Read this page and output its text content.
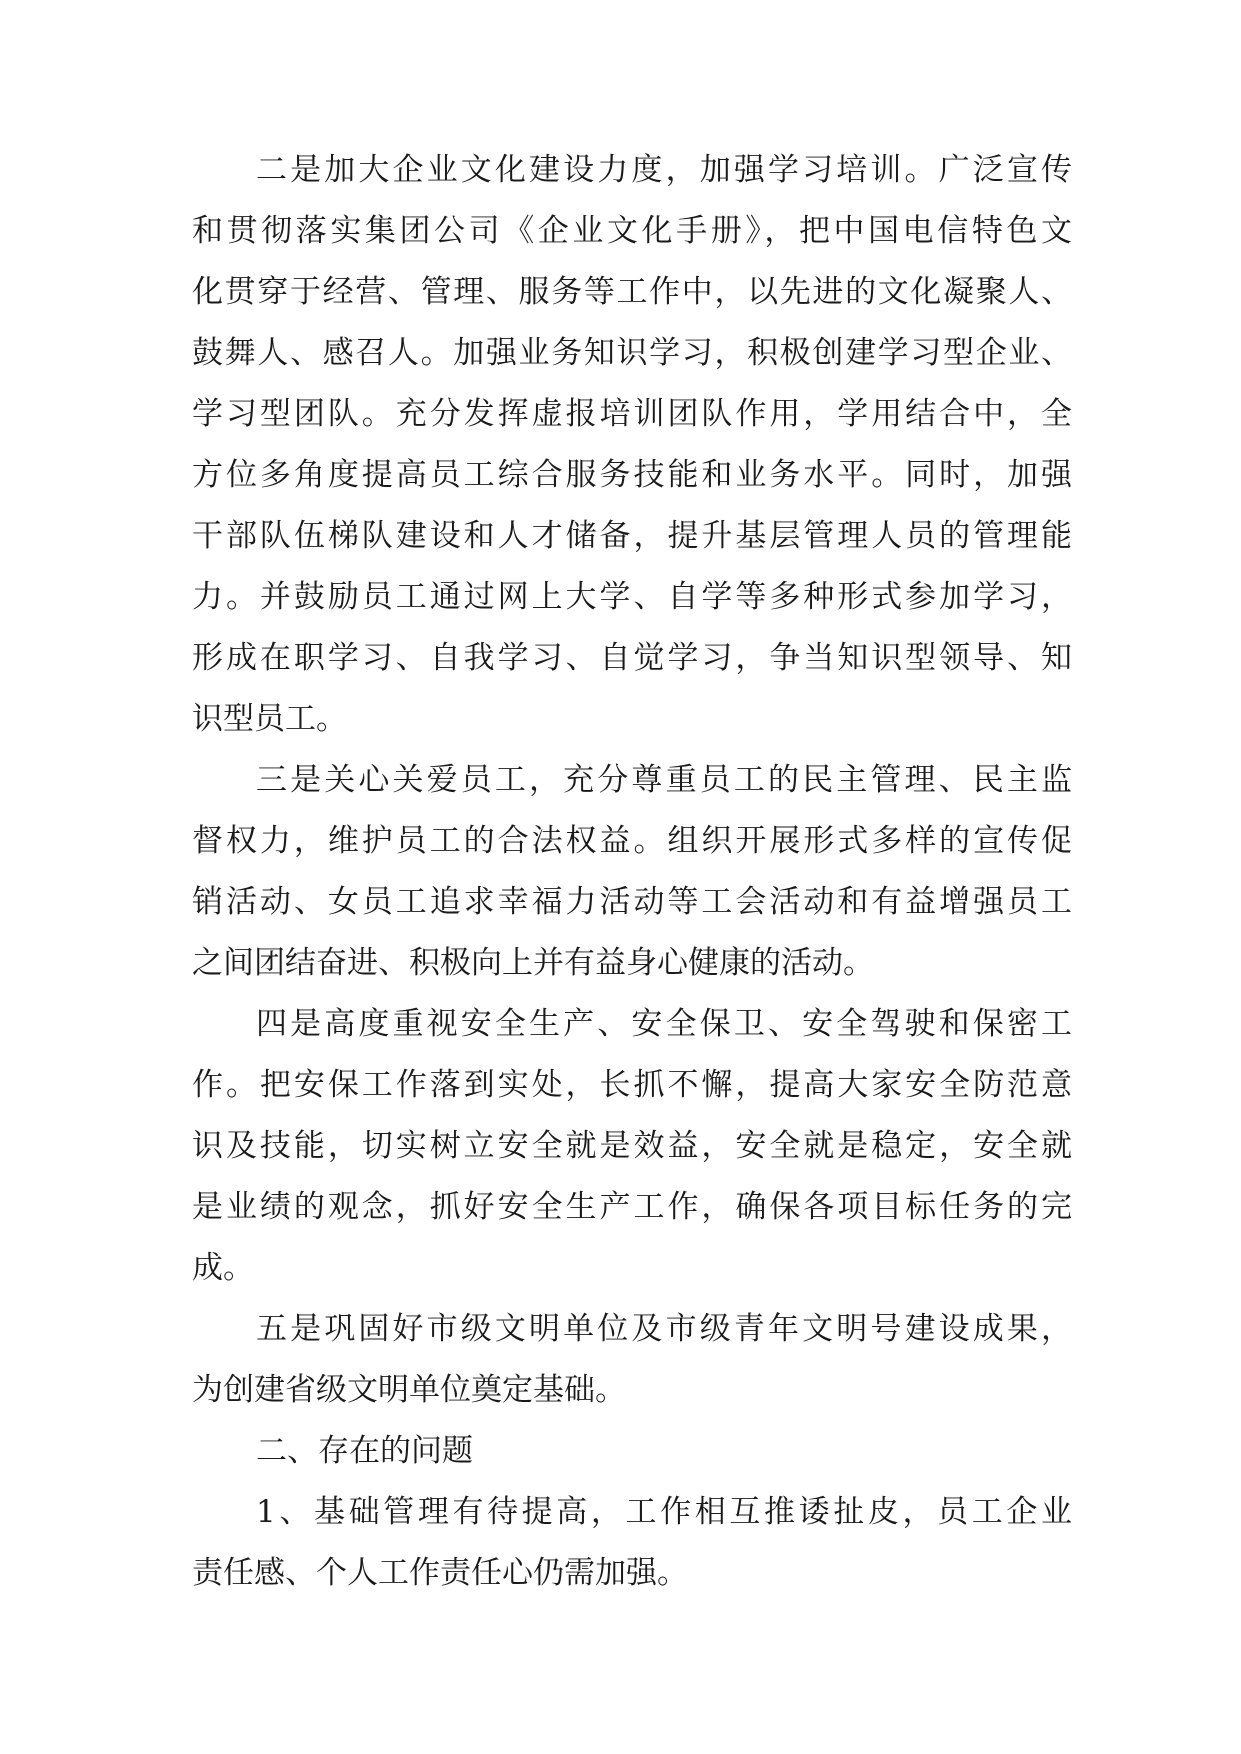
二是加大企业文化建设力度，加强学习培训。广泛宣传
和贯彻落实集团公司《企业文化手册》，把中国电信特色文
化贯穿于经营、管理、服务等工作中，以先进的文化凝聚人、
鼓舞人、感召人。加强业务知识学习，积极创建学习型企业、
学习型团队。充分发挥虚报培训团队作用，学用结合中，全
方位多角度提高员工综合服务技能和业务水平。同时，加强
干部队伍梯队建设和人才储备，提升基层管理人员的管理能
力。并鼓励员工通过网上大学、自学等多种形式参加学习，
形成在职学习、自我学习、自觉学习，争当知识型领导、知
识型员工。
三是关心关爱员工，充分尊重员工的民主管理、民主监
督权力，维护员工的合法权益。组织开展形式多样的宣传促
销活动、女员工追求幸福力活动等工会活动和有益增强员工
之间团结奋进、积极向上并有益身心健康的活动。
四是高度重视安全生产、安全保卫、安全驾驶和保密工
作。把安保工作落到实处，长抓不懈，提高大家安全防范意
识及技能，切实树立安全就是效益，安全就是稳定，安全就
是业绩的观念，抓好安全生产工作，确保各项目标任务的完
成。
五是巩固好市级文明单位及市级青年文明号建设成果，
为创建省级文明单位奠定基础。
二、存在的问题
1、基础管理有待提高，工作相互推诿扯皮，员工企业
责任感、个人工作责任心仍需加强。
